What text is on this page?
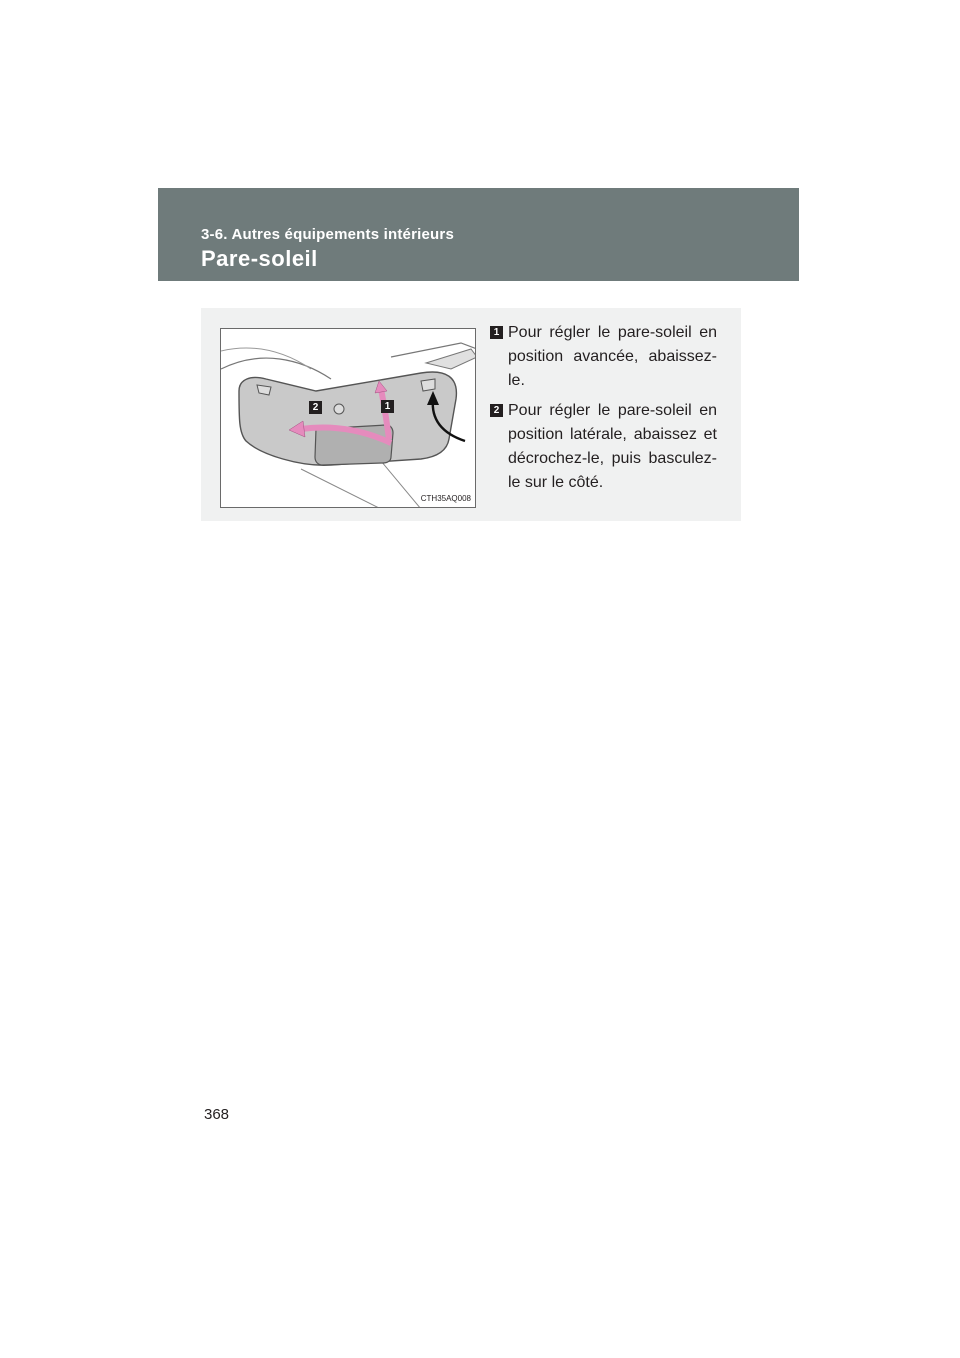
3-6. Autres équipements intérieurs
Pare-soleil
2	1
CTH35AQ008
1 Pour régler le pare-soleil en position avancée, abaissez-le.
2 Pour régler le pare-soleil en position latérale, abaissez et décrochez-le, puis basculez-le sur le côté.
368
